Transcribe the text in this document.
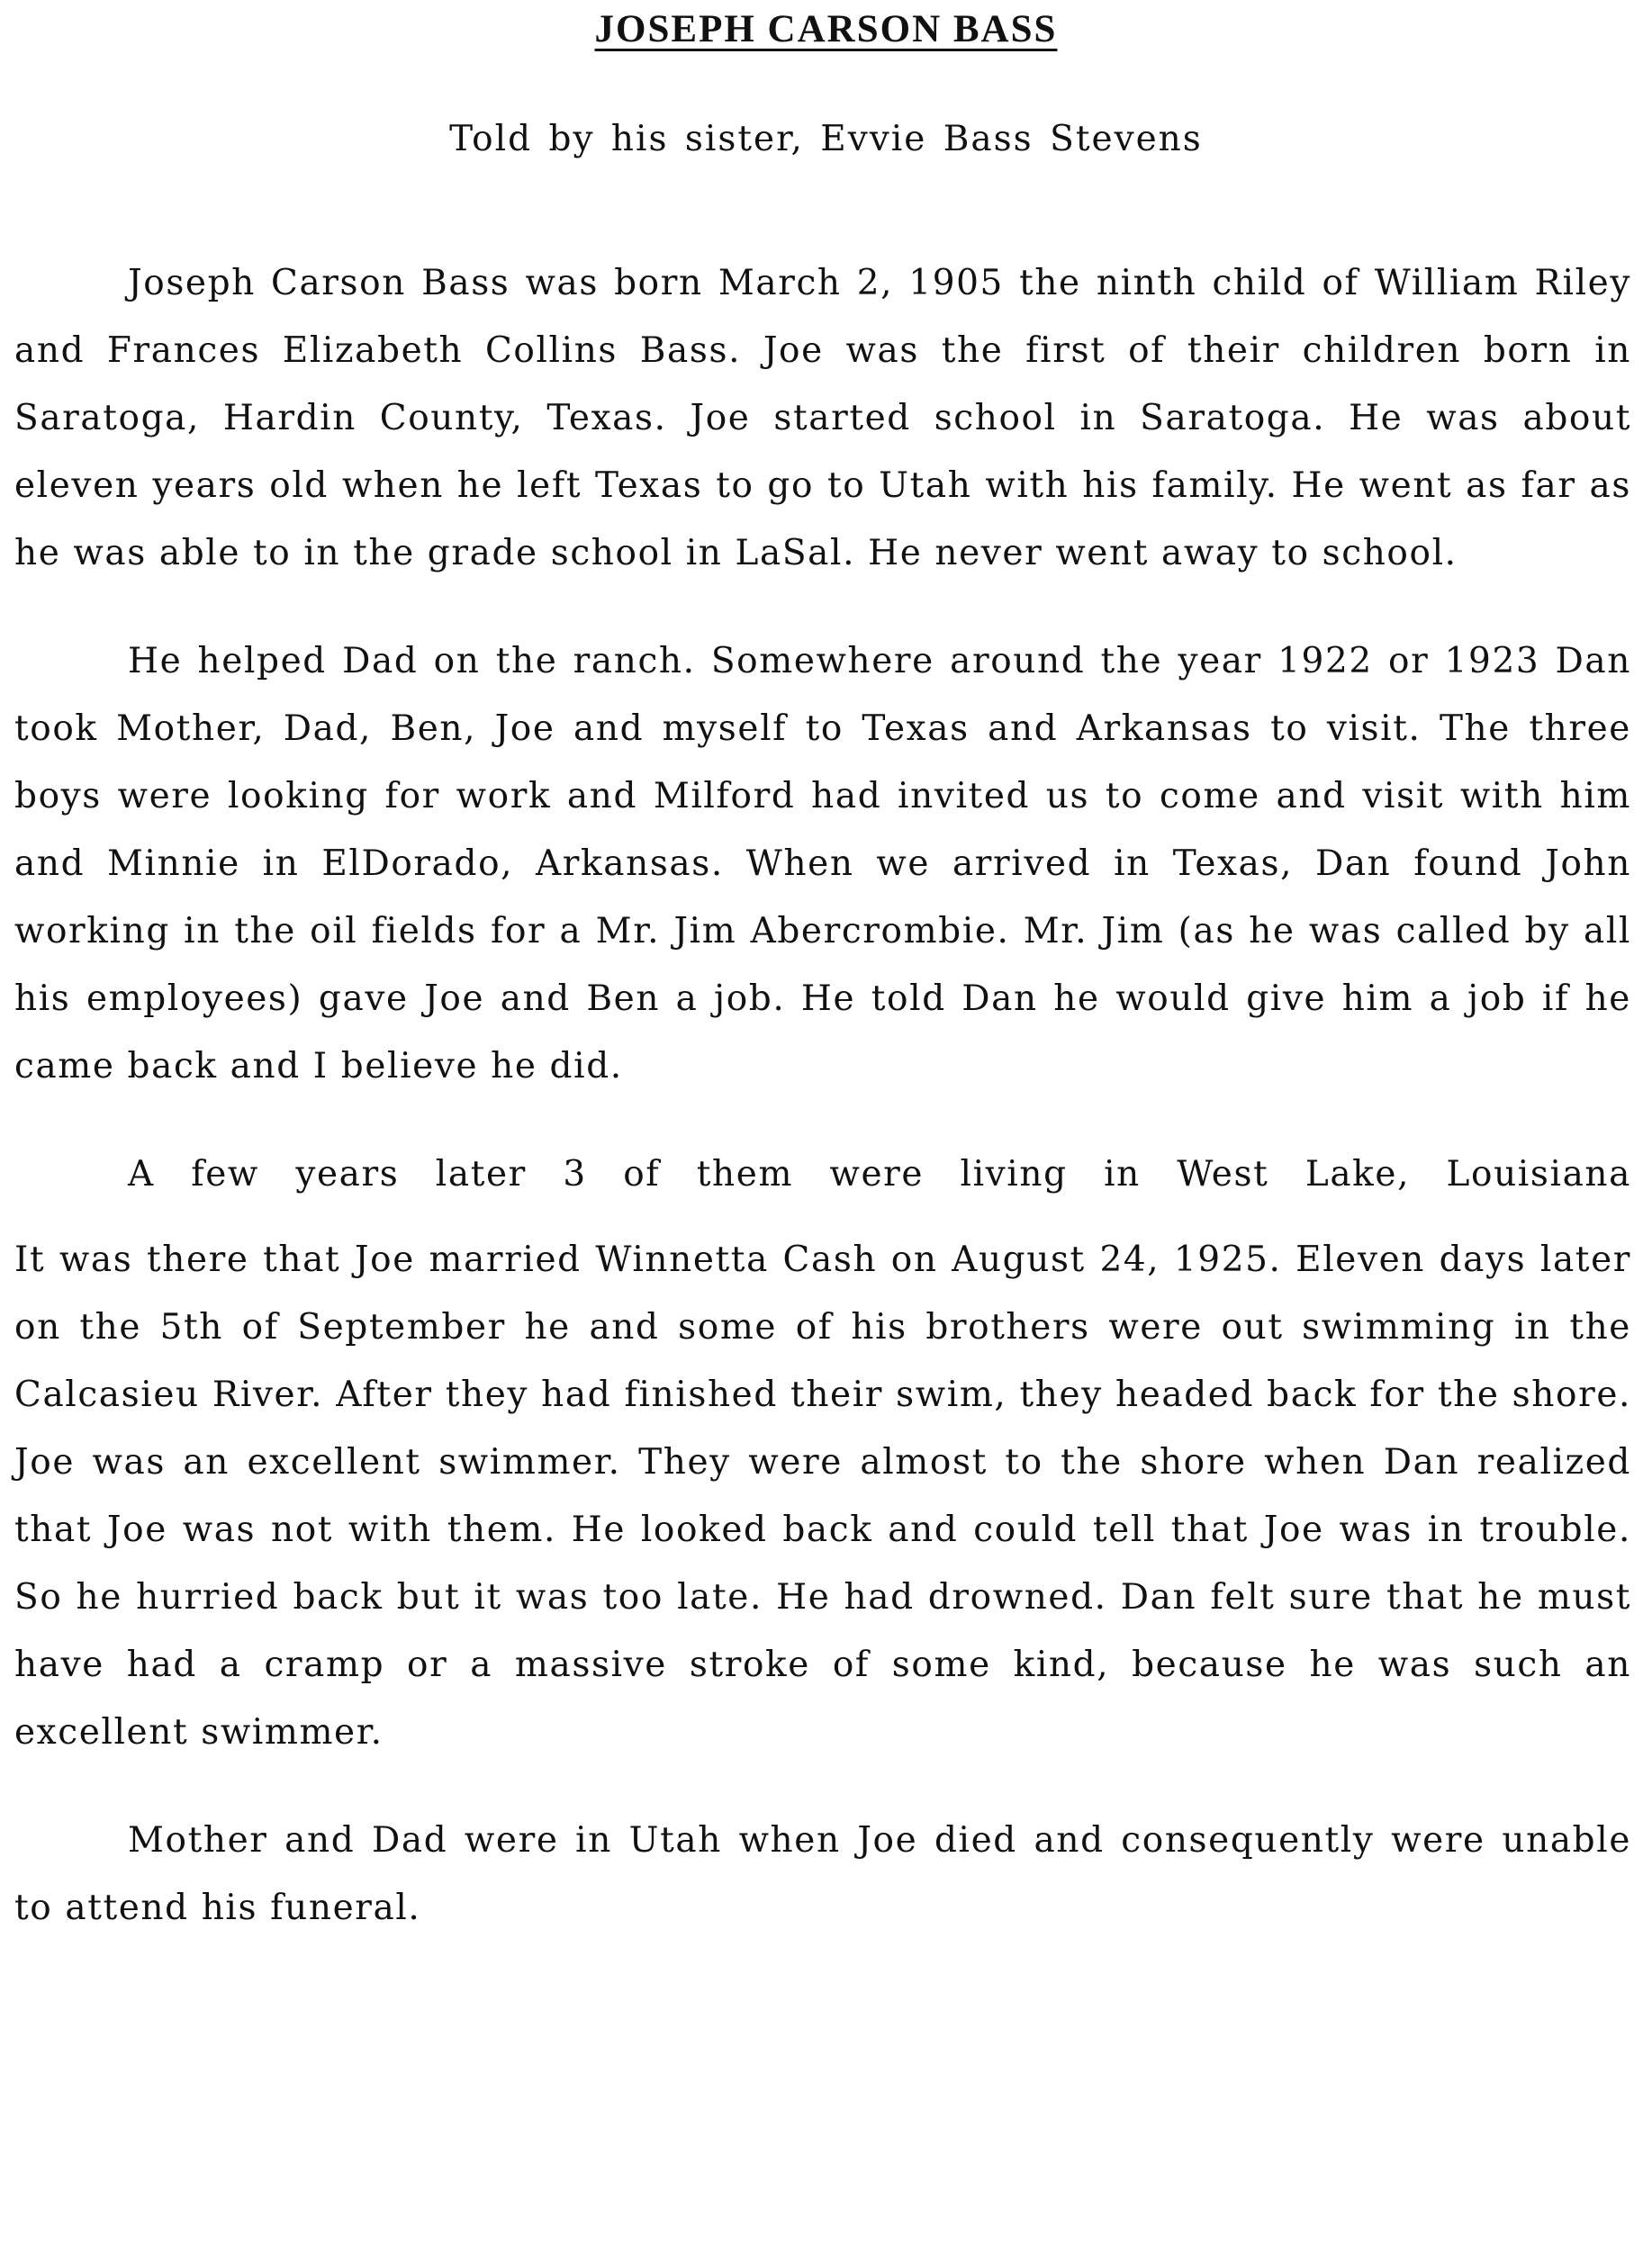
JOSEPH CARSON BASS
Told by his sister, Evvie Bass Stevens

Joseph Carson Bass was born March 2, 1905 the ninth child of William Riley and Frances Elizabeth Collins Bass. Joe was the first of their children born in Saratoga, Hardin County, Texas. Joe started school in Saratoga. He was about eleven years old when he left Texas to go to Utah with his family. He went as far as he was able to in the grade school in LaSal. He never went away to school.

He helped Dad on the ranch. Somewhere around the year 1922 or 1923 Dan took Mother, Dad, Ben, Joe and myself to Texas and Arkansas to visit. The three boys were looking for work and Milford had invited us to come and visit with him and Minnie in ElDorado, Arkansas. When we arrived in Texas, Dan found John working in the oil fields for a Mr. Jim Abercrombie. Mr. Jim (as he was called by all his employees) gave Joe and Ben a job. He told Dan he would give him a job if he came back and I believe he did.

A few years later 3 of them were living in West Lake, Louisiana
It was there that Joe married Winnetta Cash on August 24, 1925. Eleven days later on the 5th of September he and some of his brothers were out swimming in the Calcasieu River. After they had finished their swim, they headed back for the shore. Joe was an excellent swimmer. They were almost to the shore when Dan realized that Joe was not with them. He looked back and could tell that Joe was in trouble. So he hurried back but it was too late. He had drowned. Dan felt sure that he must have had a cramp or a massive stroke of some kind, because he was such an excellent swimmer.

Mother and Dad were in Utah when Joe died and consequently were unable to attend his funeral.
